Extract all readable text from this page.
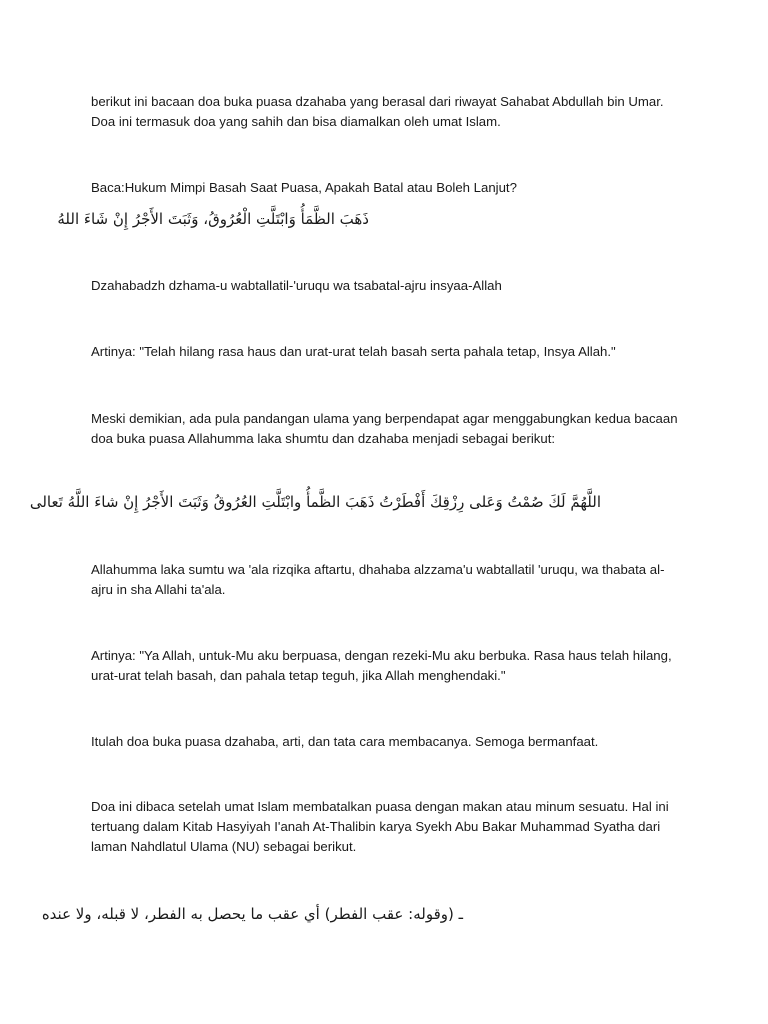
berikut ini bacaan doa buka puasa dzahaba yang berasal dari riwayat Sahabat Abdullah bin Umar. Doa ini termasuk doa yang sahih dan bisa diamalkan oleh umat Islam.

Baca:Hukum Mimpi Basah Saat Puasa, Apakah Batal atau Boleh Lanjut?

ذَهَبَ الظَّمَأُ وَابْتَلَّتِ الْعُرُوقُ، وَثَبَتَ الأَجْرُ إِنْ شَاءَ اللهُ

Dzahabadzh dzhama-u wabtallatil-'uruqu wa tsabatal-ajru insyaa-Allah

Artinya: "Telah hilang rasa haus dan urat-urat telah basah serta pahala tetap, Insya Allah."

Meski demikian, ada pula pandangan ulama yang berpendapat agar menggabungkan kedua bacaan doa buka puasa Allahumma laka shumtu dan dzahaba menjadi sebagai berikut:

اللَّهُمَّ لَكَ صُمْتُ وَعَلى رِزْقِكَ أَفْطَرْتُ ذَهَبَ الظَّمأُ وابْتَلَّتِ العُرُوقُ وَثَبَتَ الأَجْرُ إِنْ شاءَ اللَّهُ تَعالى

Allahumma laka sumtu wa 'ala rizqika aftartu, dhahaba alzzama'u wabtallatil 'uruqu, wa thabata al-ajru in sha Allahi ta'ala.

Artinya: "Ya Allah, untuk-Mu aku berpuasa, dengan rezeki-Mu aku berbuka. Rasa haus telah hilang, urat-urat telah basah, dan pahala tetap teguh, jika Allah menghendaki."

Itulah doa buka puasa dzahaba, arti, dan tata cara membacanya. Semoga bermanfaat.

Doa ini dibaca setelah umat Islam membatalkan puasa dengan makan atau minum sesuatu. Hal ini tertuang dalam Kitab Hasyiyah I'anah At-Thalibin karya Syekh Abu Bakar Muhammad Syatha dari laman Nahdlatul Ulama (NU) sebagai berikut.

ـ (وقوله: عقب الفطر) أي عقب ما يحصل به الفطر، لا قبله، ولا عنده
